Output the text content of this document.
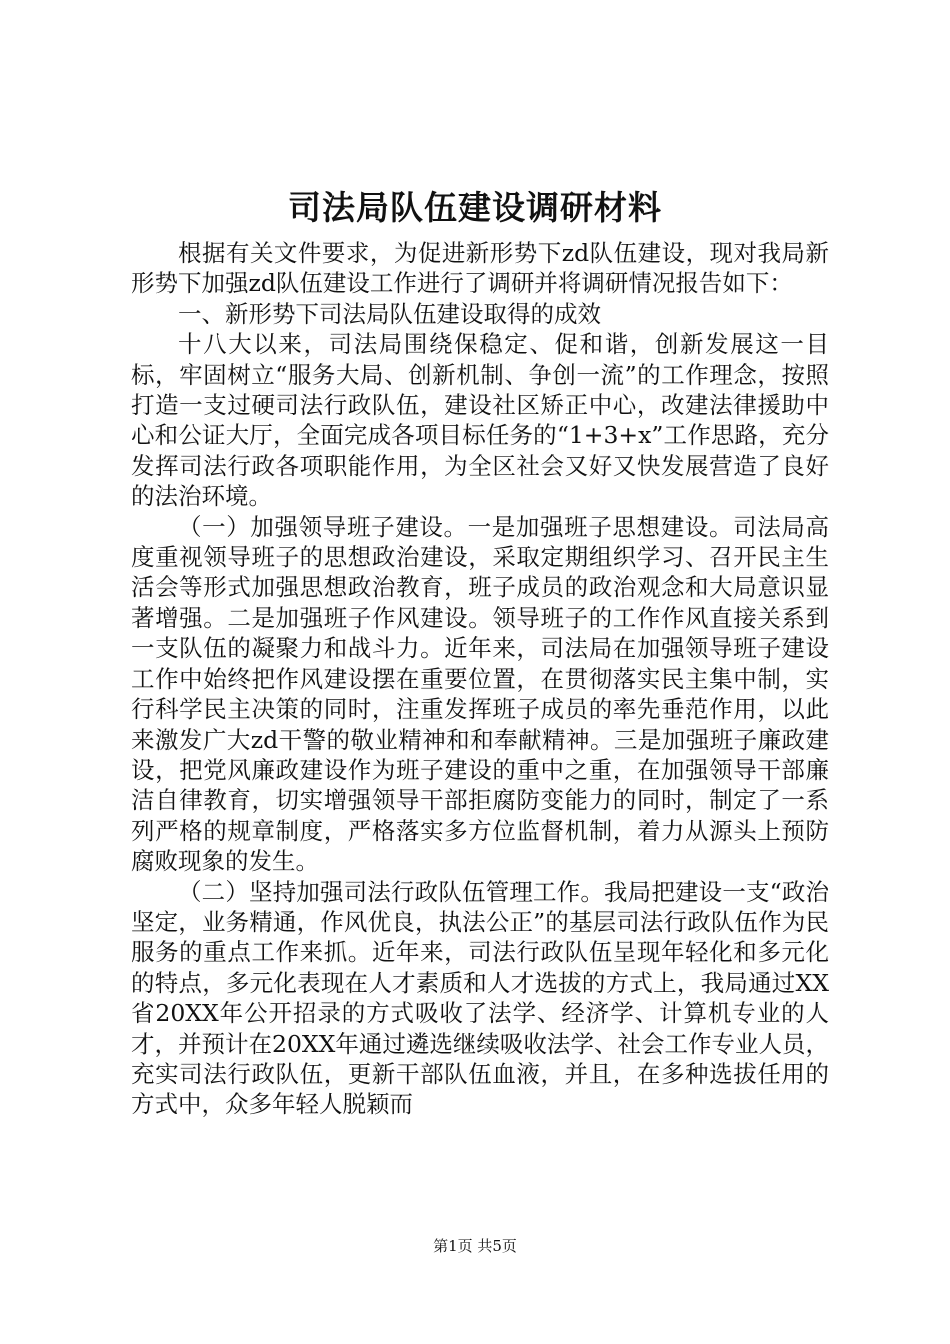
司法局队伍建设调研材料

根据有关文件要求，为促进新形势下zd队伍建设，现对我局新形势下加强zd队伍建设工作进行了调研并将调研情况报告如下：

一、新形势下司法局队伍建设取得的成效

十八大以来，司法局围绕保稳定、促和谐，创新发展这一目标，牢固树立“服务大局、创新机制、争创一流”的工作理念，按照打造一支过硬司法行政队伍，建设社区矫正中心，改建法律援助中心和公证大厅，全面完成各项目标任务的“1+3+x”工作思路，充分发挥司法行政各项职能作用，为全区社会又好又快发展营造了良好的法治环境。

（一）加强领导班子建设。一是加强班子思想建设。司法局高度重视领导班子的思想政治建设，采取定期组织学习、召开民主生活会等形式加强思想政治教育，班子成员的政治观念和大局意识显著增强。二是加强班子作风建设。领导班子的工作作风直接关系到一支队伍的凝聚力和战斗力。近年来，司法局在加强领导班子建设工作中始终把作风建设摆在重要位置，在贯彻落实民主集中制，实行科学民主决策的同时，注重发挥班子成员的率先垂范作用，以此来激发广大zd干警的敬业精神和和奉献精神。三是加强班子廉政建设，把党风廉政建设作为班子建设的重中之重，在加强领导干部廉洁自律教育，切实增强领导干部拒腐防变能力的同时，制定了一系列严格的规章制度，严格落实多方位监督机制，着力从源头上预防腐败现象的发生。

（二）坚持加强司法行政队伍管理工作。我局把建设一支“政治坚定，业务精通，作风优良，执法公正”的基层司法行政队伍作为民服务的重点工作来抓。近年来，司法行政队伍呈现年轻化和多元化的特点，多元化表现在人才素质和人才选拔的方式上，我局通过XX省20XX年公开招录的方式吸收了法学、经济学、计算机专业的人才，并预计在20XX年通过遴选继续吸收法学、社会工作专业人员，充实司法行政队伍，更新干部队伍血液，并且，在多种选拔任用的方式中，众多年轻人脱颖而

第1页 共5页
